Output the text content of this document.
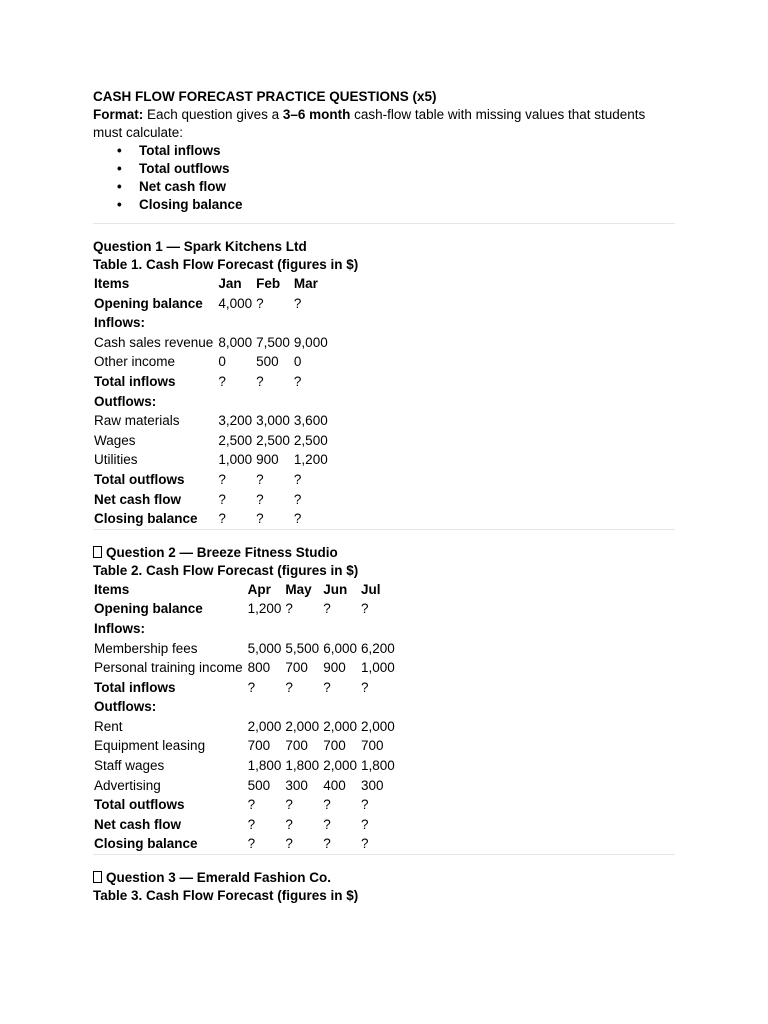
CASH FLOW FORECAST PRACTICE QUESTIONS (x5)
Format: Each question gives a 3–6 month cash-flow table with missing values that students must calculate:
• Total inflows
• Total outflows
• Net cash flow
• Closing balance
Question 1 — Spark Kitchens Ltd
Table 1. Cash Flow Forecast (figures in $)
Items	Jan	Feb	Mar
Opening balance	4,000	?	?
Inflows:			
Cash sales revenue	8,000	7,500	9,000
Other income	0	500	0
Total inflows	?	?	?
Outflows:			
Raw materials	3,200	3,000	3,600
Wages	2,500	2,500	2,500
Utilities	1,000	900	1,200
Total outflows	?	?	?
Net cash flow	?	?	?
Closing balance	?	?	?
Question 2 — Breeze Fitness Studio
Table 2. Cash Flow Forecast (figures in $)
Items	Apr	May	Jun	Jul
Opening balance	1,200	?	?	?
Inflows:				
Membership fees	5,000	5,500	6,000	6,200
Personal training income	800	700	900	1,000
Total inflows	?	?	?	?
Outflows:				
Rent	2,000	2,000	2,000	2,000
Equipment leasing	700	700	700	700
Staff wages	1,800	1,800	2,000	1,800
Advertising	500	300	400	300
Total outflows	?	?	?	?
Net cash flow	?	?	?	?
Closing balance	?	?	?	?
Question 3 — Emerald Fashion Co.
Table 3. Cash Flow Forecast (figures in $)
